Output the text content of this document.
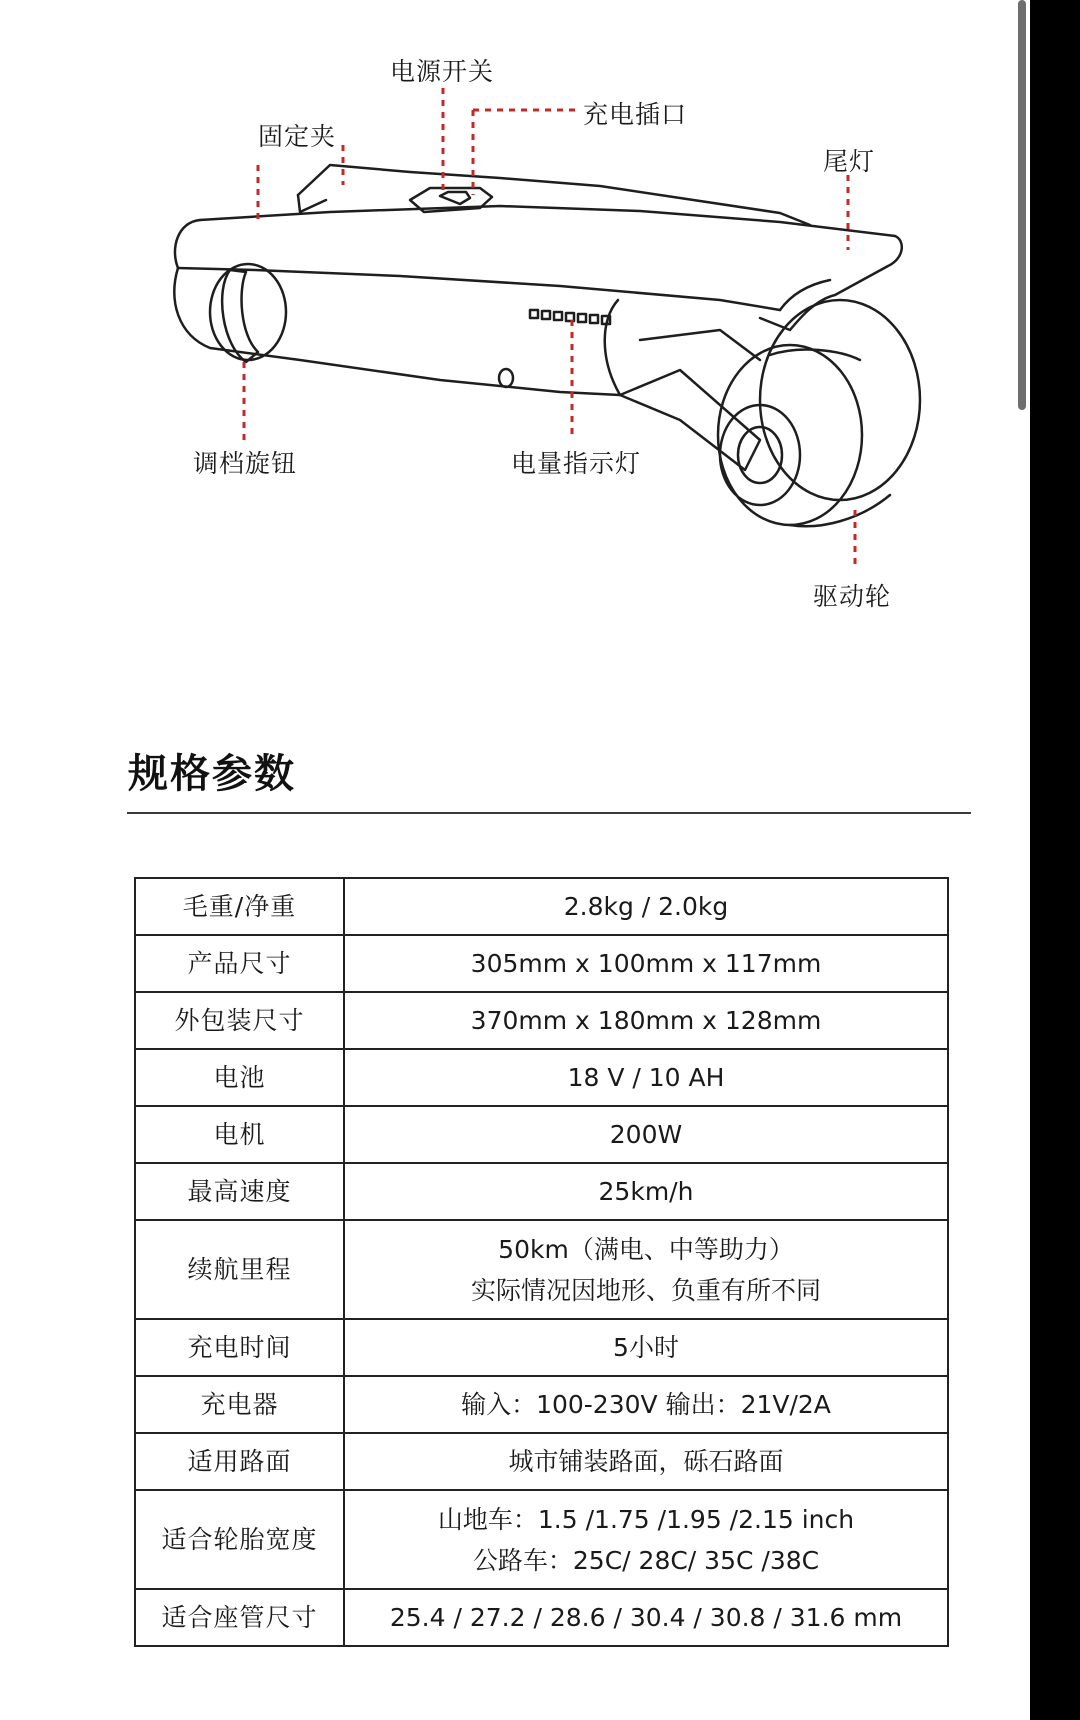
电源开关
充电插口
固定夹
尾灯
调档旋钮	电量指示灯
驱动轮
规格参数
毛重/净重	2.8kg / 2.0kg

产品尺寸	305mm x 100mm x 117mm

外包装尺寸	370mm x 180mm x 128mm

电池	18 V / 10 AH

电机	200W

最高速度	25km/h

续航里程	50km（满电、中等助力）
实际情况因地形、负重有所不同

充电时间	5小时

充电器	输入：100-230V 输出：21V/2A

适用路面	城市铺装路面，砾石路面

适合轮胎宽度	山地车：1.5 /1.75 /1.95 /2.15 inch
公路车：25C/ 28C/ 35C /38C

适合座管尺寸	25.4 / 27.2 / 28.6 / 30.4 / 30.8 / 31.6 mm
